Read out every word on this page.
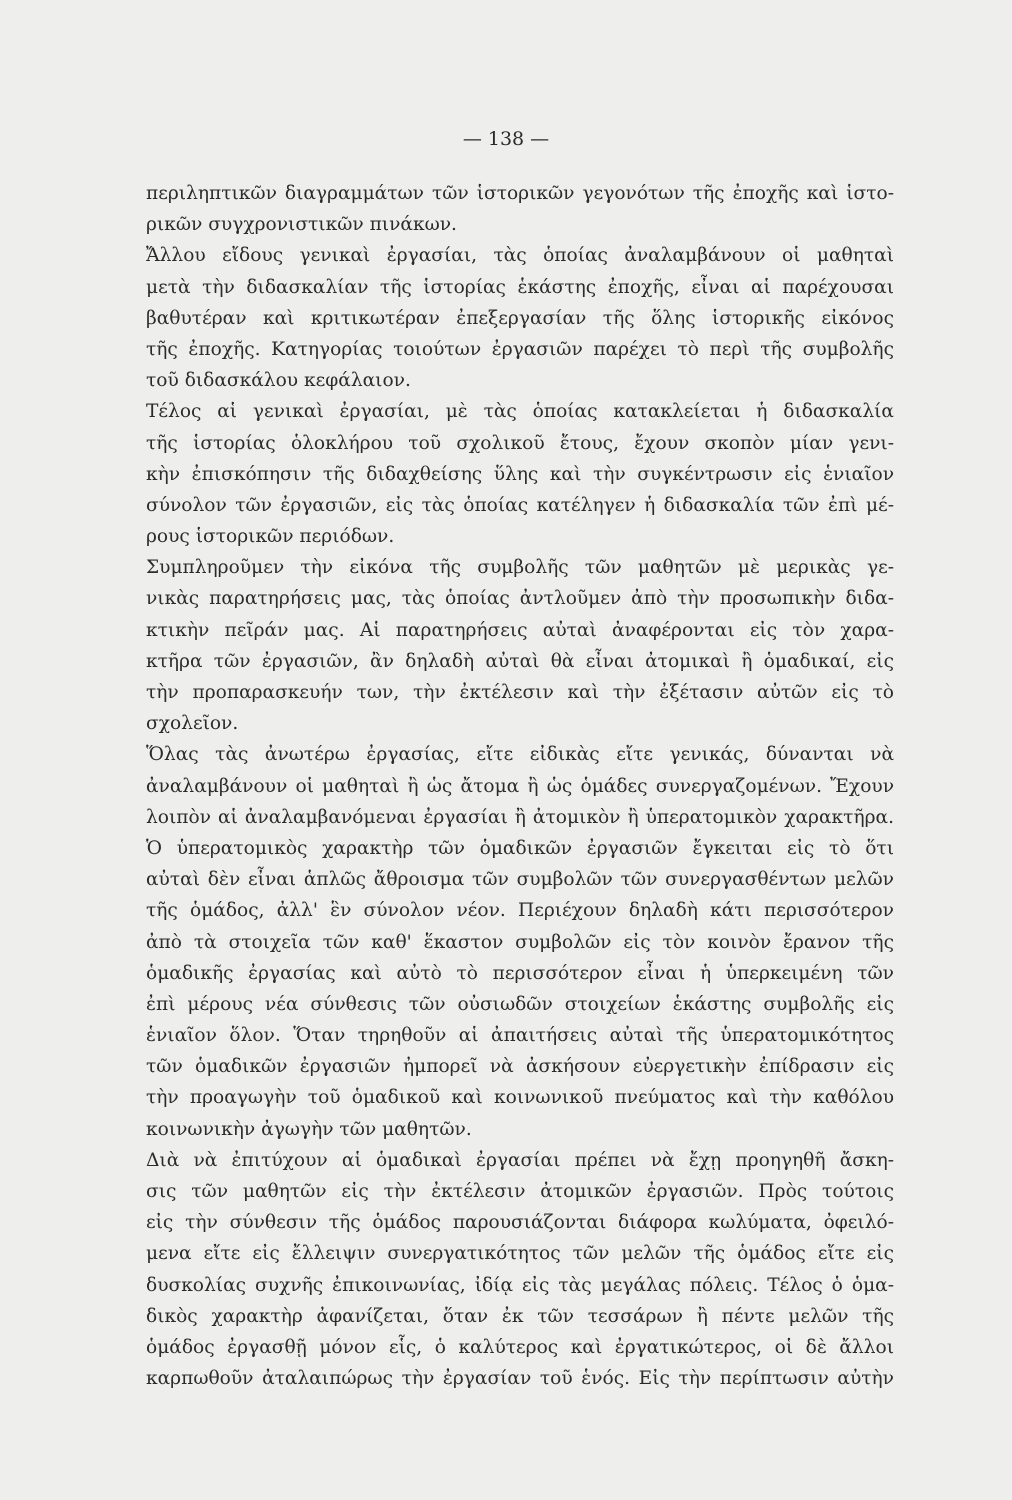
— 138 —
περιληπτικῶν διαγραμμάτων τῶν ἱστορικῶν γεγονότων τῆς ἐποχῆς καὶ ἱστο-
ρικῶν συγχρονιστικῶν πινάκων.
Ἄλλου εἴδους γενικαὶ ἐργασίαι, τὰς ὁποίας ἀναλαμβάνουν οἱ μαθηταὶ
μετὰ τὴν διδασκαλίαν τῆς ἱστορίας ἑκάστης ἐποχῆς, εἶναι αἱ παρέχουσαι
βαθυτέραν καὶ κριτικωτέραν ἐπεξεργασίαν τῆς ὅλης ἱστορικῆς εἰκόνος
τῆς ἐποχῆς. Κατηγορίας τοιούτων ἐργασιῶν παρέχει τὸ περὶ τῆς συμβολῆς
τοῦ διδασκάλου κεφάλαιον.
Τέλος αἱ γενικαὶ ἐργασίαι, μὲ τὰς ὁποίας κατακλείεται ἡ διδασκαλία
τῆς ἱστορίας ὁλοκλήρου τοῦ σχολικοῦ ἔτους, ἔχουν σκοπὸν μίαν γενι-
κὴν ἐπισκόπησιν τῆς διδαχθείσης ὕλης καὶ τὴν συγκέντρωσιν εἰς ἑνιαῖον
σύνολον τῶν ἐργασιῶν, εἰς τὰς ὁποίας κατέληγεν ἡ διδασκαλία τῶν ἐπὶ μέ-
ρους ἱστορικῶν περιόδων.
Συμπληροῦμεν τὴν εἰκόνα τῆς συμβολῆς τῶν μαθητῶν μὲ μερικὰς γε-
νικὰς παρατηρήσεις μας, τὰς ὁποίας ἀντλοῦμεν ἀπὸ τὴν προσωπικὴν διδα-
κτικὴν πεῖράν μας. Αἱ παρατηρήσεις αὐταὶ ἀναφέρονται εἰς τὸν χαρα-
κτῆρα τῶν ἐργασιῶν, ἂν δηλαδὴ αὐταὶ θὰ εἶναι ἀτομικαὶ ἢ ὁμαδικαί, εἰς
τὴν προπαρασκευήν των, τὴν ἐκτέλεσιν καὶ τὴν ἐξέτασιν αὐτῶν εἰς τὸ
σχολεῖον.
Ὅλας τὰς ἀνωτέρω ἐργασίας, εἴτε εἰδικὰς εἴτε γενικάς, δύνανται νὰ
ἀναλαμβάνουν οἱ μαθηταὶ ἢ ὡς ἄτομα ἢ ὡς ὁμάδες συνεργαζομένων. Ἔχουν
λοιπὸν αἱ ἀναλαμβανόμεναι ἐργασίαι ἢ ἀτομικὸν ἢ ὑπερατομικὸν χαρακτῆρα.
Ὁ ὑπερατομικὸς χαρακτὴρ τῶν ὁμαδικῶν ἐργασιῶν ἔγκειται εἰς τὸ ὅτι
αὐταὶ δὲν εἶναι ἁπλῶς ἄθροισμα τῶν συμβολῶν τῶν συνεργασθέντων μελῶν
τῆς ὁμάδος, ἀλλ' ἓν σύνολον νέον. Περιέχουν δηλαδὴ κάτι περισσότερον
ἀπὸ τὰ στοιχεῖα τῶν καθ' ἕκαστον συμβολῶν εἰς τὸν κοινὸν ἔρανον τῆς
ὁμαδικῆς ἐργασίας καὶ αὐτὸ τὸ περισσότερον εἶναι ἡ ὑπερκειμένη τῶν
ἐπὶ μέρους νέα σύνθεσις τῶν οὐσιωδῶν στοιχείων ἑκάστης συμβολῆς εἰς
ἑνιαῖον ὅλον. Ὅταν τηρηθοῦν αἱ ἀπαιτήσεις αὐταὶ τῆς ὑπερατομικότητος
τῶν ὁμαδικῶν ἐργασιῶν ἠμπορεῖ νὰ ἀσκήσουν εὐεργετικὴν ἐπίδρασιν εἰς
τὴν προαγωγὴν τοῦ ὁμαδικοῦ καὶ κοινωνικοῦ πνεύματος καὶ τὴν καθόλου
κοινωνικὴν ἀγωγὴν τῶν μαθητῶν.
Διὰ νὰ ἐπιτύχουν αἱ ὁμαδικαὶ ἐργασίαι πρέπει νὰ ἔχῃ προηγηθῆ ἄσκη-
σις τῶν μαθητῶν εἰς τὴν ἐκτέλεσιν ἀτομικῶν ἐργασιῶν. Πρὸς τούτοις
εἰς τὴν σύνθεσιν τῆς ὁμάδος παρουσιάζονται διάφορα κωλύματα, ὀφειλό-
μενα εἴτε εἰς ἔλλειψιν συνεργατικότητος τῶν μελῶν τῆς ὁμάδος εἴτε εἰς
δυσκολίας συχνῆς ἐπικοινωνίας, ἰδίᾳ εἰς τὰς μεγάλας πόλεις. Τέλος ὁ ὁμα-
δικὸς χαρακτὴρ ἀφανίζεται, ὅταν ἐκ τῶν τεσσάρων ἢ πέντε μελῶν τῆς
ὁμάδος ἐργασθῇ μόνον εἷς, ὁ καλύτερος καὶ ἐργατικώτερος, οἱ δὲ ἄλλοι
καρπωθοῦν ἀταλαιπώρως τὴν ἐργασίαν τοῦ ἑνός. Εἰς τὴν περίπτωσιν αὐτὴν
